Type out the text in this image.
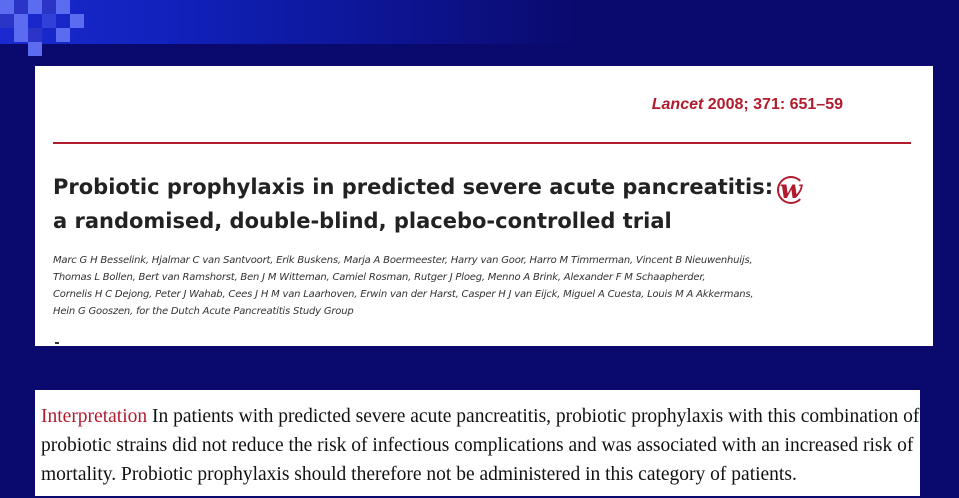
Lancet 2008; 371: 651–59
Probiotic prophylaxis in predicted severe acute pancreatitis:
a randomised, double-blind, placebo-controlled trial
w
Marc G H Besselink, Hjalmar C van Santvoort, Erik Buskens, Marja A Boermeester, Harry van Goor, Harro M Timmerman, Vincent B Nieuwenhuijs,
Thomas L Bollen, Bert van Ramshorst, Ben J M Witteman, Camiel Rosman, Rutger J Ploeg, Menno A Brink, Alexander F M Schaapherder,
Cornelis H C Dejong, Peter J Wahab, Cees J H M van Laarhoven, Erwin van der Harst, Casper H J van Eijck, Miguel A Cuesta, Louis M A Akkermans,
Hein G Gooszen, for the Dutch Acute Pancreatitis Study Group
Interpretation In patients with predicted severe acute pancreatitis, probiotic prophylaxis with this combination of
probiotic strains did not reduce the risk of infectious complications and was associated with an increased risk of
mortality. Probiotic prophylaxis should therefore not be administered in this category of patients.
